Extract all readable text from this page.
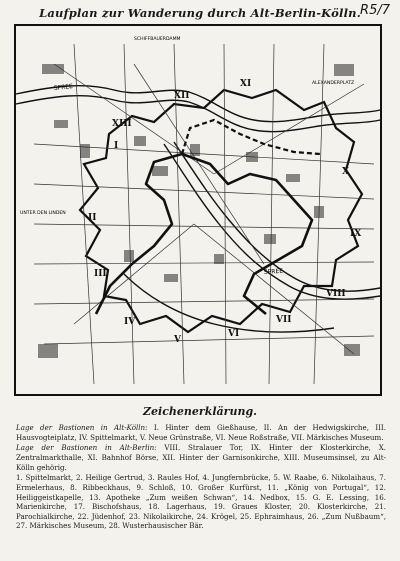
Laufplan zur Wanderung durch Alt-Berlin-Kölln. R5/7
SPREE
SPREE
UNTER DEN LINDEN
SCHIFFBAUERDAMM
ALEXANDERPLATZ
I
II
III
IV
V
VI
VII
VIII
IX
X
XI
XII
XIII
Zeichenerklärung.

Lage der Bastionen in Alt-Kölln: I. Hinter dem Gießhause, II. An der Hedwigskirche, III. Hausvogteiplatz, IV. Spittelmarkt, V. Neue Grünstraße, VI. Neue Roßstraße, VII. Märkisches Museum.

Lage der Bastionen in Alt-Berlin: VIII. Stralauer Tor, IX. Hinter der Klosterkirche, X. Zentralmarkthalle, XI. Bahnhof Börse, XII. Hinter der Garnisonkirche, XIII. Museumsinsel, zu Alt-Kölln gehörig.

1. Spittelmarkt, 2. Heilige Gertrud, 3. Raules Hof, 4. Jungfernbrücke, 5. W. Raabe, 6. Nikolaihaus, 7. Ermelerhaus, 8. Ribbeckhaus, 9. Schloß, 10. Großer Kurfürst, 11. „König von Portugal“, 12. Heiliggeistkapelle, 13. Apotheke „Zum weißen Schwan“, 14. Nedbox, 15. G. E. Lessing, 16. Marienkirche, 17. Bischofshaus, 18. Lagerhaus, 19. Graues Kloster, 20. Klosterkirche, 21. Parochialkirche, 22. Jüdenhof, 23. Nikolaikirche, 24. Krögel, 25. Ephraimhaus, 26. „Zum Nußbaum“, 27. Märkisches Museum, 28. Wusterhausischer Bär.
